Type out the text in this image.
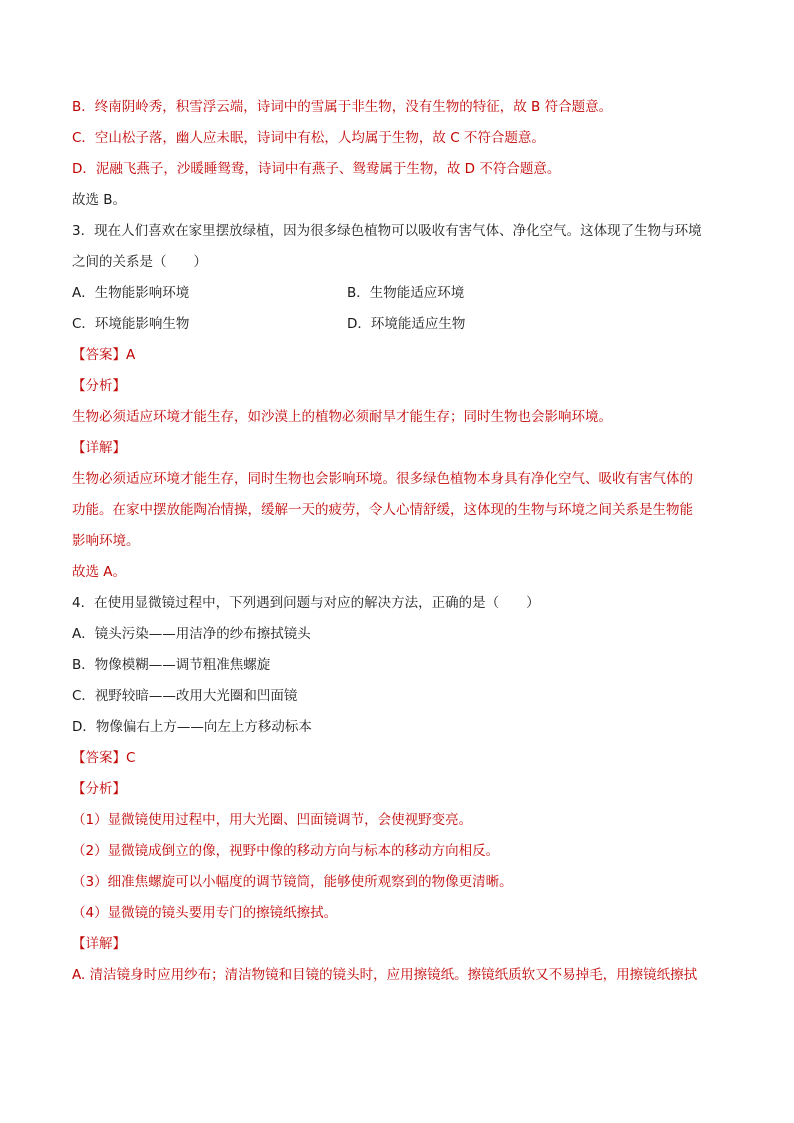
B．终南阴岭秀，积雪浮云端，诗词中的雪属于非生物，没有生物的特征，故 B 符合题意。

C．空山松子落，幽人应未眠，诗词中有松，人均属于生物，故 C 不符合题意。

D．泥融飞燕子，沙暖睡鸳鸯，诗词中有燕子、鸳鸯属于生物，故 D 不符合题意。

故选 B。

3．现在人们喜欢在家里摆放绿植，因为很多绿色植物可以吸收有害气体、净化空气。这体现了生物与环境

之间的关系是（　　）

A．生物能影响环境	B．生物能适应环境
C．环境能影响生物	D．环境能适应生物

【答案】A

【分析】

生物必须适应环境才能生存，如沙漠上的植物必须耐旱才能生存；同时生物也会影响环境。

【详解】

生物必须适应环境才能生存，同时生物也会影响环境。很多绿色植物本身具有净化空气、吸收有害气体的

功能。在家中摆放能陶冶情操，缓解一天的疲劳，令人心情舒缓，这体现的生物与环境之间关系是生物能

影响环境。

故选 A。

4．在使用显微镜过程中，下列遇到问题与对应的解决方法，正确的是（　　）

A．镜头污染——用洁净的纱布擦拭镜头

B．物像模糊——调节粗准焦螺旋

C．视野较暗——改用大光圈和凹面镜

D．物像偏右上方——向左上方移动标本

【答案】C

【分析】

（1）显微镜使用过程中，用大光圈、凹面镜调节，会使视野变亮。

（2）显微镜成倒立的像，视野中像的移动方向与标本的移动方向相反。

（3）细准焦螺旋可以小幅度的调节镜筒，能够使所观察到的物像更清晰。

（4）显微镜的镜头要用专门的擦镜纸擦拭。

【详解】

A. 清洁镜身时应用纱布；清洁物镜和目镜的镜头时，应用擦镜纸。擦镜纸质软又不易掉毛，用擦镜纸擦拭
